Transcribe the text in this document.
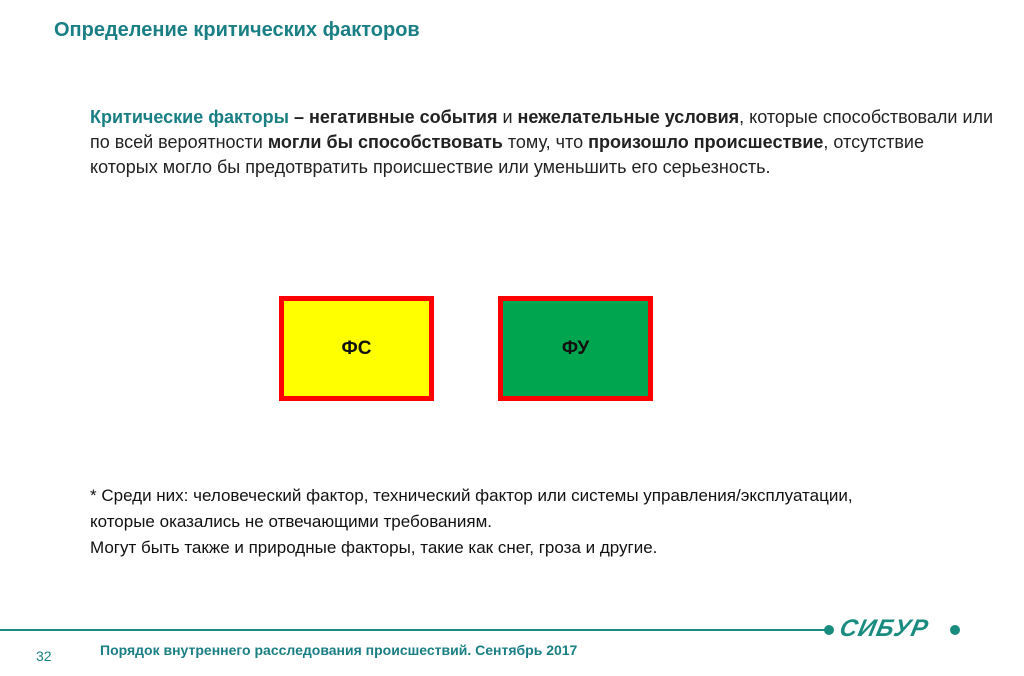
Определение критических факторов
Критические факторы – негативные события и нежелательные условия, которые способствовали или по всей вероятности могли бы способствовать тому, что произошло происшествие, отсутствие которых могло бы предотвратить происшествие или уменьшить его серьезность.
ФС	ФУ
* Среди них: человеческий фактор, технический фактор или системы управления/эксплуатации,
которые оказались не отвечающими требованиям.
Могут быть также и природные факторы, такие как снег, гроза и другие.
СИБУР
32	Порядок внутреннего расследования происшествий. Сентябрь 2017
